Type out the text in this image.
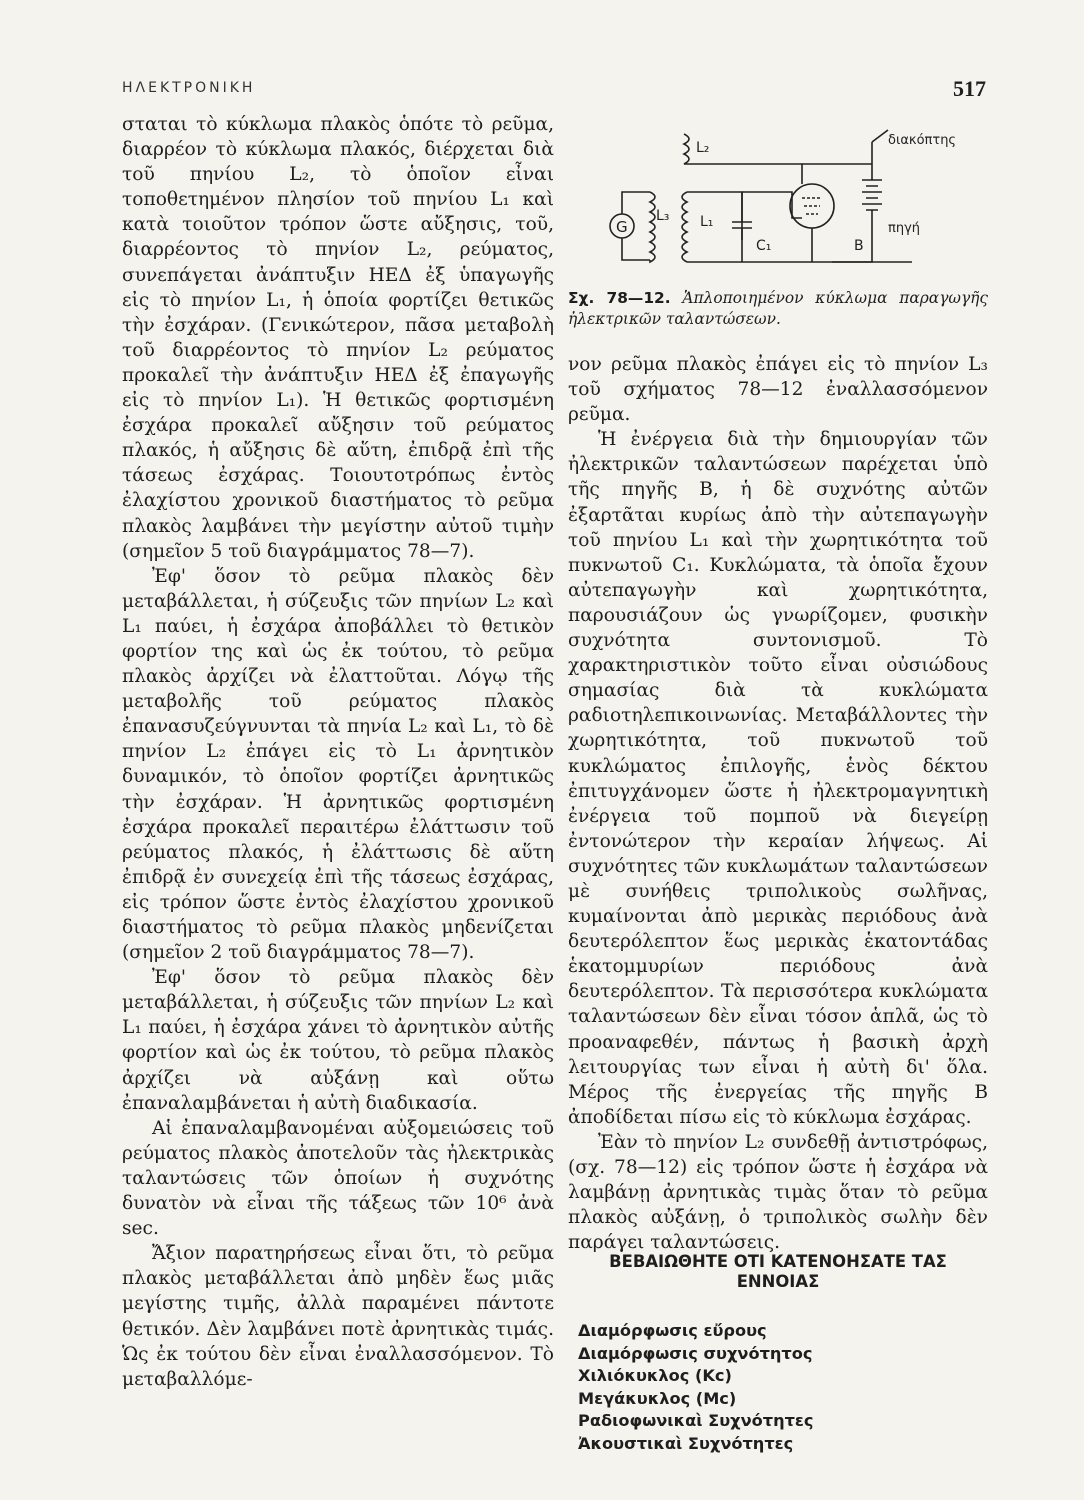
ΗΛΕΚΤΡΟΝΙΚΗ	517

σταται τὸ κύκλωμα πλακὸς ὁπότε τὸ ρεῦμα, διαρρέον τὸ κύκλωμα πλακός, διέρχεται διὰ τοῦ πηνίου L₂, τὸ ὁποῖον εἶναι τοποθετημένον πλησίον τοῦ πηνίου L₁ καὶ κατὰ τοιοῦτον τρόπον ὥστε αὔξησις, τοῦ, διαρρέοντος τὸ πηνίον L₂, ρεύματος, συνεπάγεται ἀνάπτυξιν ΗΕΔ ἐξ ὑπαγωγῆς εἰς τὸ πηνίον L₁, ἡ ὁποία φορτίζει θετικῶς τὴν ἐσχάραν. (Γενικώτερον, πᾶσα μεταβολὴ τοῦ διαρρέοντος τὸ πηνίον L₂ ρεύματος προκαλεῖ τὴν ἀνάπτυξιν ΗΕΔ ἐξ ἐπαγωγῆς εἰς τὸ πηνίον L₁). Ἡ θετικῶς φορτισμένη ἐσχάρα προκαλεῖ αὔξησιν τοῦ ρεύματος πλακός, ἡ αὔξησις δὲ αὕτη, ἐπιδρᾷ ἐπὶ τῆς τάσεως ἐσχάρας. Τοιουτοτρόπως ἐντὸς ἐλαχίστου χρονικοῦ διαστήματος τὸ ρεῦμα πλακὸς λαμβάνει τὴν μεγίστην αὐτοῦ τιμὴν (σημεῖον 5 τοῦ διαγράμματος 78—7).

Ἐφ' ὅσον τὸ ρεῦμα πλακὸς δὲν μεταβάλλεται, ἡ σύζευξις τῶν πηνίων L₂ καὶ L₁ παύει, ἡ ἐσχάρα ἀποβάλλει τὸ θετικὸν φορτίον της καὶ ὡς ἐκ τούτου, τὸ ρεῦμα πλακὸς ἀρχίζει νὰ ἐλαττοῦται. Λόγῳ τῆς μεταβολῆς τοῦ ρεύματος πλακὸς ἐπανασυζεύγνυνται τὰ πηνία L₂ καὶ L₁, τὸ δὲ πηνίον L₂ ἐπάγει εἰς τὸ L₁ ἀρνητικὸν δυναμικόν, τὸ ὁποῖον φορτίζει ἀρνητικῶς τὴν ἐσχάραν. Ἡ ἀρνητικῶς φορτισμένη ἐσχάρα προκαλεῖ περαιτέρω ἐλάττωσιν τοῦ ρεύματος πλακός, ἡ ἐλάττωσις δὲ αὕτη ἐπιδρᾷ ἐν συνεχείᾳ ἐπὶ τῆς τάσεως ἐσχάρας, εἰς τρόπον ὥστε ἐντὸς ἐλαχίστου χρονικοῦ διαστήματος τὸ ρεῦμα πλακὸς μηδενίζεται (σημεῖον 2 τοῦ διαγράμματος 78—7).

Ἐφ' ὅσον τὸ ρεῦμα πλακὸς δὲν μεταβάλλεται, ἡ σύζευξις τῶν πηνίων L₂ καὶ L₁ παύει, ἡ ἐσχάρα χάνει τὸ ἀρνητικὸν αὐτῆς φορτίον καὶ ὡς ἐκ τούτου, τὸ ρεῦμα πλακὸς ἀρχίζει νὰ αὐξάνῃ καὶ οὕτω ἐπαναλαμβάνεται ἡ αὐτὴ διαδικασία.

Αἱ ἐπαναλαμβανομέναι αὐξομειώσεις τοῦ ρεύματος πλακὸς ἀποτελοῦν τὰς ἠλεκτρικὰς ταλαντώσεις τῶν ὁποίων ἡ συχνότης δυνατὸν νὰ εἶναι τῆς τάξεως τῶν 10⁶ ἀνὰ sec.

Ἄξιον παρατηρήσεως εἶναι ὅτι, τὸ ρεῦμα πλακὸς μεταβάλλεται ἀπὸ μηδὲν ἕως μιᾶς μεγίστης τιμῆς, ἀλλὰ παραμένει πάντοτε θετικόν. Δὲν λαμβάνει ποτὲ ἀρνητικὰς τιμάς. Ὡς ἐκ τούτου δὲν εἶναι ἐναλλασσόμενον. Τὸ μεταβαλλόμε-

G
L₃ L₁
C₁
L₂
B
διακόπτης
πηγή
Σχ. 78—12. Ἁπλοποιημένον κύκλωμα παραγωγῆς ἠλεκτρικῶν ταλαντώσεων.

νον ρεῦμα πλακὸς ἐπάγει εἰς τὸ πηνίον L₃ τοῦ σχήματος 78—12 ἐναλλασσόμενον ρεῦμα.

Ἡ ἐνέργεια διὰ τὴν δημιουργίαν τῶν ἠλεκτρικῶν ταλαντώσεων παρέχεται ὑπὸ τῆς πηγῆς B, ἡ δὲ συχνότης αὐτῶν ἐξαρτᾶται κυρίως ἀπὸ τὴν αὐτεπαγωγὴν τοῦ πηνίου L₁ καὶ τὴν χωρητικότητα τοῦ πυκνωτοῦ C₁. Κυκλώματα, τὰ ὁποῖα ἔχουν αὐτεπαγωγὴν καὶ χωρητικότητα, παρουσιάζουν ὡς γνωρίζομεν, φυσικὴν συχνότητα συντονισμοῦ. Τὸ χαρακτηριστικὸν τοῦτο εἶναι οὐσιώδους σημασίας διὰ τὰ κυκλώματα ραδιοτηλεπικοινωνίας. Μεταβάλλοντες τὴν χωρητικότητα, τοῦ πυκνωτοῦ τοῦ κυκλώματος ἐπιλογῆς, ἑνὸς δέκτου ἐπιτυγχάνομεν ὥστε ἡ ἠλεκτρομαγνητικὴ ἐνέργεια τοῦ πομποῦ νὰ διεγείρῃ ἐντονώτερον τὴν κεραίαν λήψεως. Αἱ συχνότητες τῶν κυκλωμάτων ταλαντώσεων μὲ συνήθεις τριπολικοὺς σωλῆνας, κυμαίνονται ἀπὸ μερικὰς περιόδους ἀνὰ δευτερόλεπτον ἕως μερικὰς ἑκατοντάδας ἑκατομμυρίων περιόδους ἀνὰ δευτερόλεπτον. Τὰ περισσότερα κυκλώματα ταλαντώσεων δὲν εἶναι τόσον ἁπλᾶ, ὡς τὸ προαναφεθέν, πάντως ἡ βασικὴ ἀρχὴ λειτουργίας των εἶναι ἡ αὐτὴ δι' ὅλα. Μέρος τῆς ἐνεργείας τῆς πηγῆς B ἀποδίδεται πίσω εἰς τὸ κύκλωμα ἐσχάρας.

Ἐὰν τὸ πηνίον L₂ συνδεθῇ ἀντιστρόφως, (σχ. 78—12) εἰς τρόπον ὥστε ἡ ἐσχάρα νὰ λαμβάνῃ ἀρνητικὰς τιμὰς ὅταν τὸ ρεῦμα πλακὸς αὐξάνῃ, ὁ τριπολικὸς σωλὴν δὲν παράγει ταλαντώσεις.

ΒΕΒΑΙΩΘΗΤΕ ΟΤΙ ΚΑΤΕΝΟΗΣΑΤΕ ΤΑΣ ΕΝΝΟΙΑΣ
Διαμόρφωσις εὔρους
Διαμόρφωσις συχνότητος
Χιλιόκυκλος (Kc)
Μεγάκυκλος (Mc)
Ραδιοφωνικαὶ Συχνότητες
Ἀκουστικαὶ Συχνότητες
